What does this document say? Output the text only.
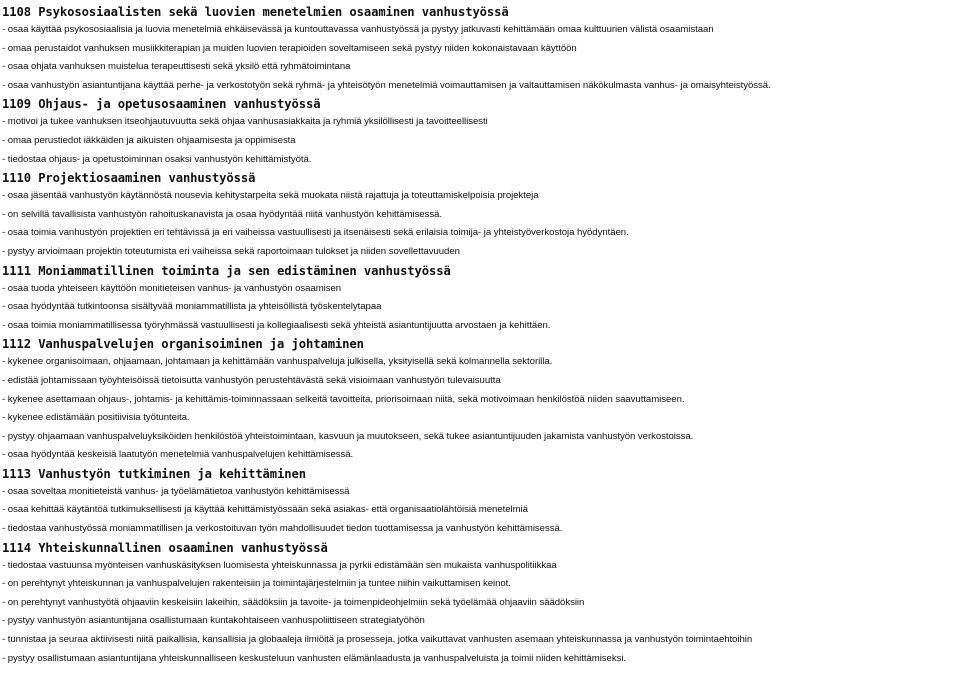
1108 Psykososiaalisten sekä luovien menetelmien osaaminen vanhustyössä
- osaa käyttää psykososiaalisia ja luovia menetelmiä ehkäisevässä ja kuntouttavassa vanhustyössä ja pystyy jatkuvasti kehittämään omaa kulttuurien välistä osaamistaan
- omaa perustaidot vanhuksen musiikkiterapian ja muiden luovien terapioiden soveltamiseen sekä pystyy niiden kokonaistavaan käyttöön
- osaa ohjata vanhuksen muistelua terapeuttisesti sekä yksilö että ryhmätoimintana
- osaa vanhustyön asiantuntijana käyttää perhe- ja verkostotyön sekä ryhmä- ja yhteisötyön menetelmiä voimauttamisen ja valtauttamisen näkökulmasta vanhus- ja omaisyhteistyössä.
1109 Ohjaus- ja opetusosaaminen vanhustyössä
- motivoi ja tukee vanhuksen itseohjautuvuutta sekä ohjaa vanhusasiakkaita ja ryhmiä yksilöllisesti ja tavoitteellisesti
- omaa perustiedot iäkkäiden ja aikuisten ohjaamisesta ja oppimisesta
- tiedostaa ohjaus- ja opetustoiminnan osaksi vanhustyön kehittämistyötä.
1110 Projektiosaaminen vanhustyössä
- osaa jäsentää vanhustyön käytännöstä nousevia kehitystarpeita sekä muokata niistä rajattuja ja toteuttamiskelpoisia projekteja
- on selvillä tavallisista vanhustyön rahoituskanavista ja osaa hyödyntää niitä vanhustyön kehittämisessä.
- osaa toimia vanhustyön projektien eri tehtävissä ja eri vaiheissa vastuullisesti ja itsenäisesti sekä erilaisia toimija- ja yhteistyöverkostoja hyödyntäen.
- pystyy arvioimaan projektin toteutumista eri vaiheissa sekä raportoimaan tulokset ja niiden sovellettavuuden
1111 Moniammatillinen toiminta ja sen edistäminen vanhustyössä
- osaa tuoda yhteiseen käyttöön monitieteisen vanhus- ja vanhustyön osaamisen
- osaa hyödyntää tutkintoonsa sisältyvää moniammatillista ja yhteisöllistä työskentelytapaa
- osaa toimia moniammatillisessa työryhmässä vastuullisesti ja kollegiaalisesti sekä yhteistä asiantuntijuutta arvostaen ja kehittäen.
1112 Vanhuspalvelujen organisoiminen ja johtaminen
- kykenee organisoimaan, ohjaamaan, johtamaan ja kehittämään vanhuspalveluja julkisella, yksityisellä sekä kolmannella sektorilla.
- edistää johtamissaan työyhteisöissä tietoisutta vanhustyön perustehtävästä sekä visioimaan vanhustyön tulevaisuutta
- kykenee asettamaan ohjaus-, johtamis- ja kehittämis-toiminnassaan selkeitä tavoitteita, priorisoimaan niitä, sekä motivoimaan henkilöstöä niiden saavuttamiseen.
- kykenee edistämään positiivisia työtunteita.
- pystyy ohjaamaan vanhuspalveluyksiköiden henkilöstöä yhteistoimintaan, kasvuun ja muutokseen, sekä tukee asiantuntijuuden jakamista vanhustyön verkostoissa.
- osaa hyödyntää keskeisiä laatutyön menetelmiä vanhuspalvelujen kehittämisessä.
1113 Vanhustyön tutkiminen ja kehittäminen
- osaa soveltaa monitieteistä vanhus- ja työelämätietoa vanhustyön kehittämisessä
- osaa kehittää käytäntöä tutkimuksellisesti ja käyttää kehittämistyössään sekä asiakas- että organisaatiolähtöisiä menetelmiä
- tiedostaa vanhustyössä moniammatillisen ja verkostoituvan työn mahdollisuudet tiedon tuottamisessa ja vanhustyön kehittämisessä.
1114 Yhteiskunnallinen osaaminen vanhustyössä
- tiedostaa vastuunsa myönteisen vanhuskäsityksen luomisesta yhteiskunnassa ja pyrkii edistämään sen mukaista vanhuspolitiikkaa
- on perehtynyt yhteiskunnan ja vanhuspalvelujen rakenteisiin ja toimintajärjestelmiin ja tuntee niihin vaikuttamisen keinot.
- on perehtynyt vanhustyötä ohjaaviin keskeisiin lakeihin, säädöksiin ja tavoite- ja toimenpideohjelmiin sekä työelämää ohjaaviin säädöksiin
- pystyy vanhustyön asiantuntijana osallistumaan kuntakohtaiseen vanhuspoliittiseen strategiatyöhön
- tunnistaa ja seuraa aktiivisesti niitä paikallisia, kansallisia ja globaaleja ilmiöitä ja prosesseja, jotka vaikuttavat vanhusten asemaan yhteiskunnassa ja vanhustyön toimintaehtoihin
- pystyy osallistumaan asiantuntijana yhteiskunnalliseen keskusteluun vanhusten elämänlaadusta ja vanhuspalveluista ja toimii niiden kehittämiseksi.
